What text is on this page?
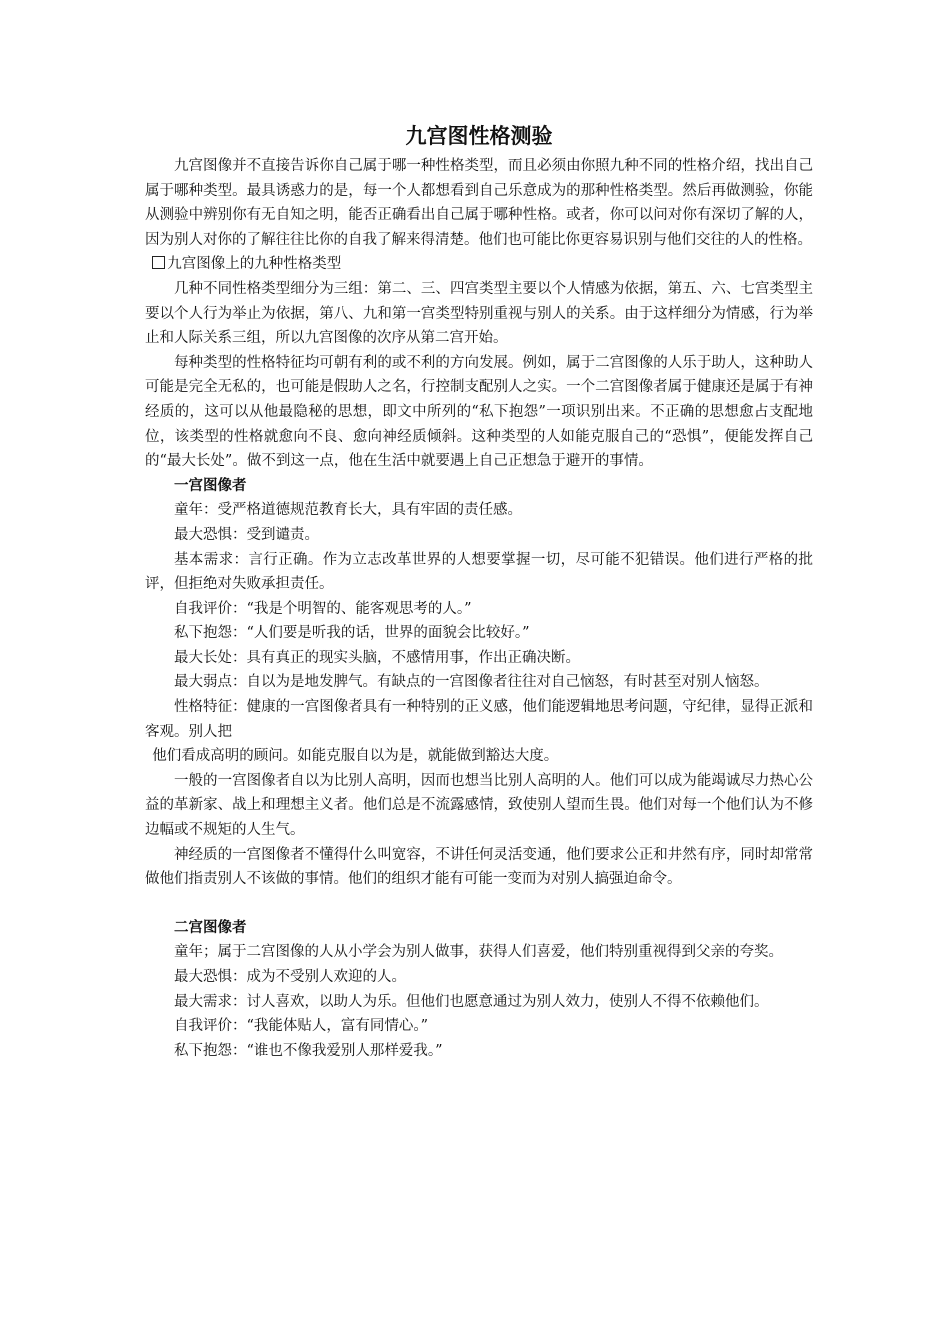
九宫图性格测验

九宫图像并不直接告诉你自己属于哪一种性格类型，而且必须由你照九种不同的性格介绍，找出自己属于哪种类型。最具诱惑力的是，每一个人都想看到自己乐意成为的那种性格类型。然后再做测验，你能从测验中辨别你有无自知之明，能否正确看出自己属于哪种性格。或者，你可以问对你有深切了解的人，因为别人对你的了解往往比你的自我了解来得清楚。他们也可能比你更容易识别与他们交往的人的性格。

九宫图像上的九种性格类型

几种不同性格类型细分为三组：第二、三、四宫类型主要以个人情感为依据，第五、六、七宫类型主要以个人行为举止为依据，第八、九和第一宫类型特别重视与别人的关系。由于这样细分为情感，行为举止和人际关系三组，所以九宫图像的次序从第二宫开始。

每种类型的性格特征均可朝有利的或不利的方向发展。例如，属于二宫图像的人乐于助人，这种助人可能是完全无私的，也可能是假助人之名，行控制支配别人之实。一个二宫图像者属于健康还是属于有神经质的，这可以从他最隐秘的思想，即文中所列的“私下抱怨”一项识别出来。不正确的思想愈占支配地位，该类型的性格就愈向不良、愈向神经质倾斜。这种类型的人如能克服自己的“恐惧”，便能发挥自己的“最大长处”。做不到这一点，他在生活中就要遇上自己正想急于避开的事情。

一宫图像者

童年：受严格道德规范教育长大，具有牢固的责任感。

最大恐惧：受到谴责。

基本需求：言行正确。作为立志改革世界的人想要掌握一切，尽可能不犯错误。他们进行严格的批评，但拒绝对失败承担责任。

自我评价：“我是个明智的、能客观思考的人。”

私下抱怨：“人们要是听我的话，世界的面貌会比较好。”

最大长处：具有真正的现实头脑，不感情用事，作出正确决断。

最大弱点：自以为是地发脾气。有缺点的一宫图像者往往对自己恼怒，有时甚至对别人恼怒。

性格特征：健康的一宫图像者具有一种特别的正义感，他们能逻辑地思考问题，守纪律，显得正派和客观。别人把

他们看成高明的顾问。如能克服自以为是，就能做到豁达大度。

一般的一宫图像者自以为比别人高明，因而也想当比别人高明的人。他们可以成为能竭诚尽力热心公益的革新家、战上和理想主义者。他们总是不流露感情，致使别人望而生畏。他们对每一个他们认为不修边幅或不规矩的人生气。

神经质的一宫图像者不懂得什么叫宽容，不讲任何灵活变通，他们要求公正和井然有序，同时却常常做他们指责别人不该做的事情。他们的组织才能有可能一变而为对别人搞强迫命令。

二宫图像者

童年；属于二宫图像的人从小学会为别人做事，获得人们喜爱，他们特别重视得到父亲的夸奖。

最大恐惧：成为不受别人欢迎的人。

最大需求：讨人喜欢，以助人为乐。但他们也愿意通过为别人效力，使别人不得不依赖他们。

自我评价：“我能体贴人，富有同情心。”

私下抱怨：“谁也不像我爱别人那样爱我。”
